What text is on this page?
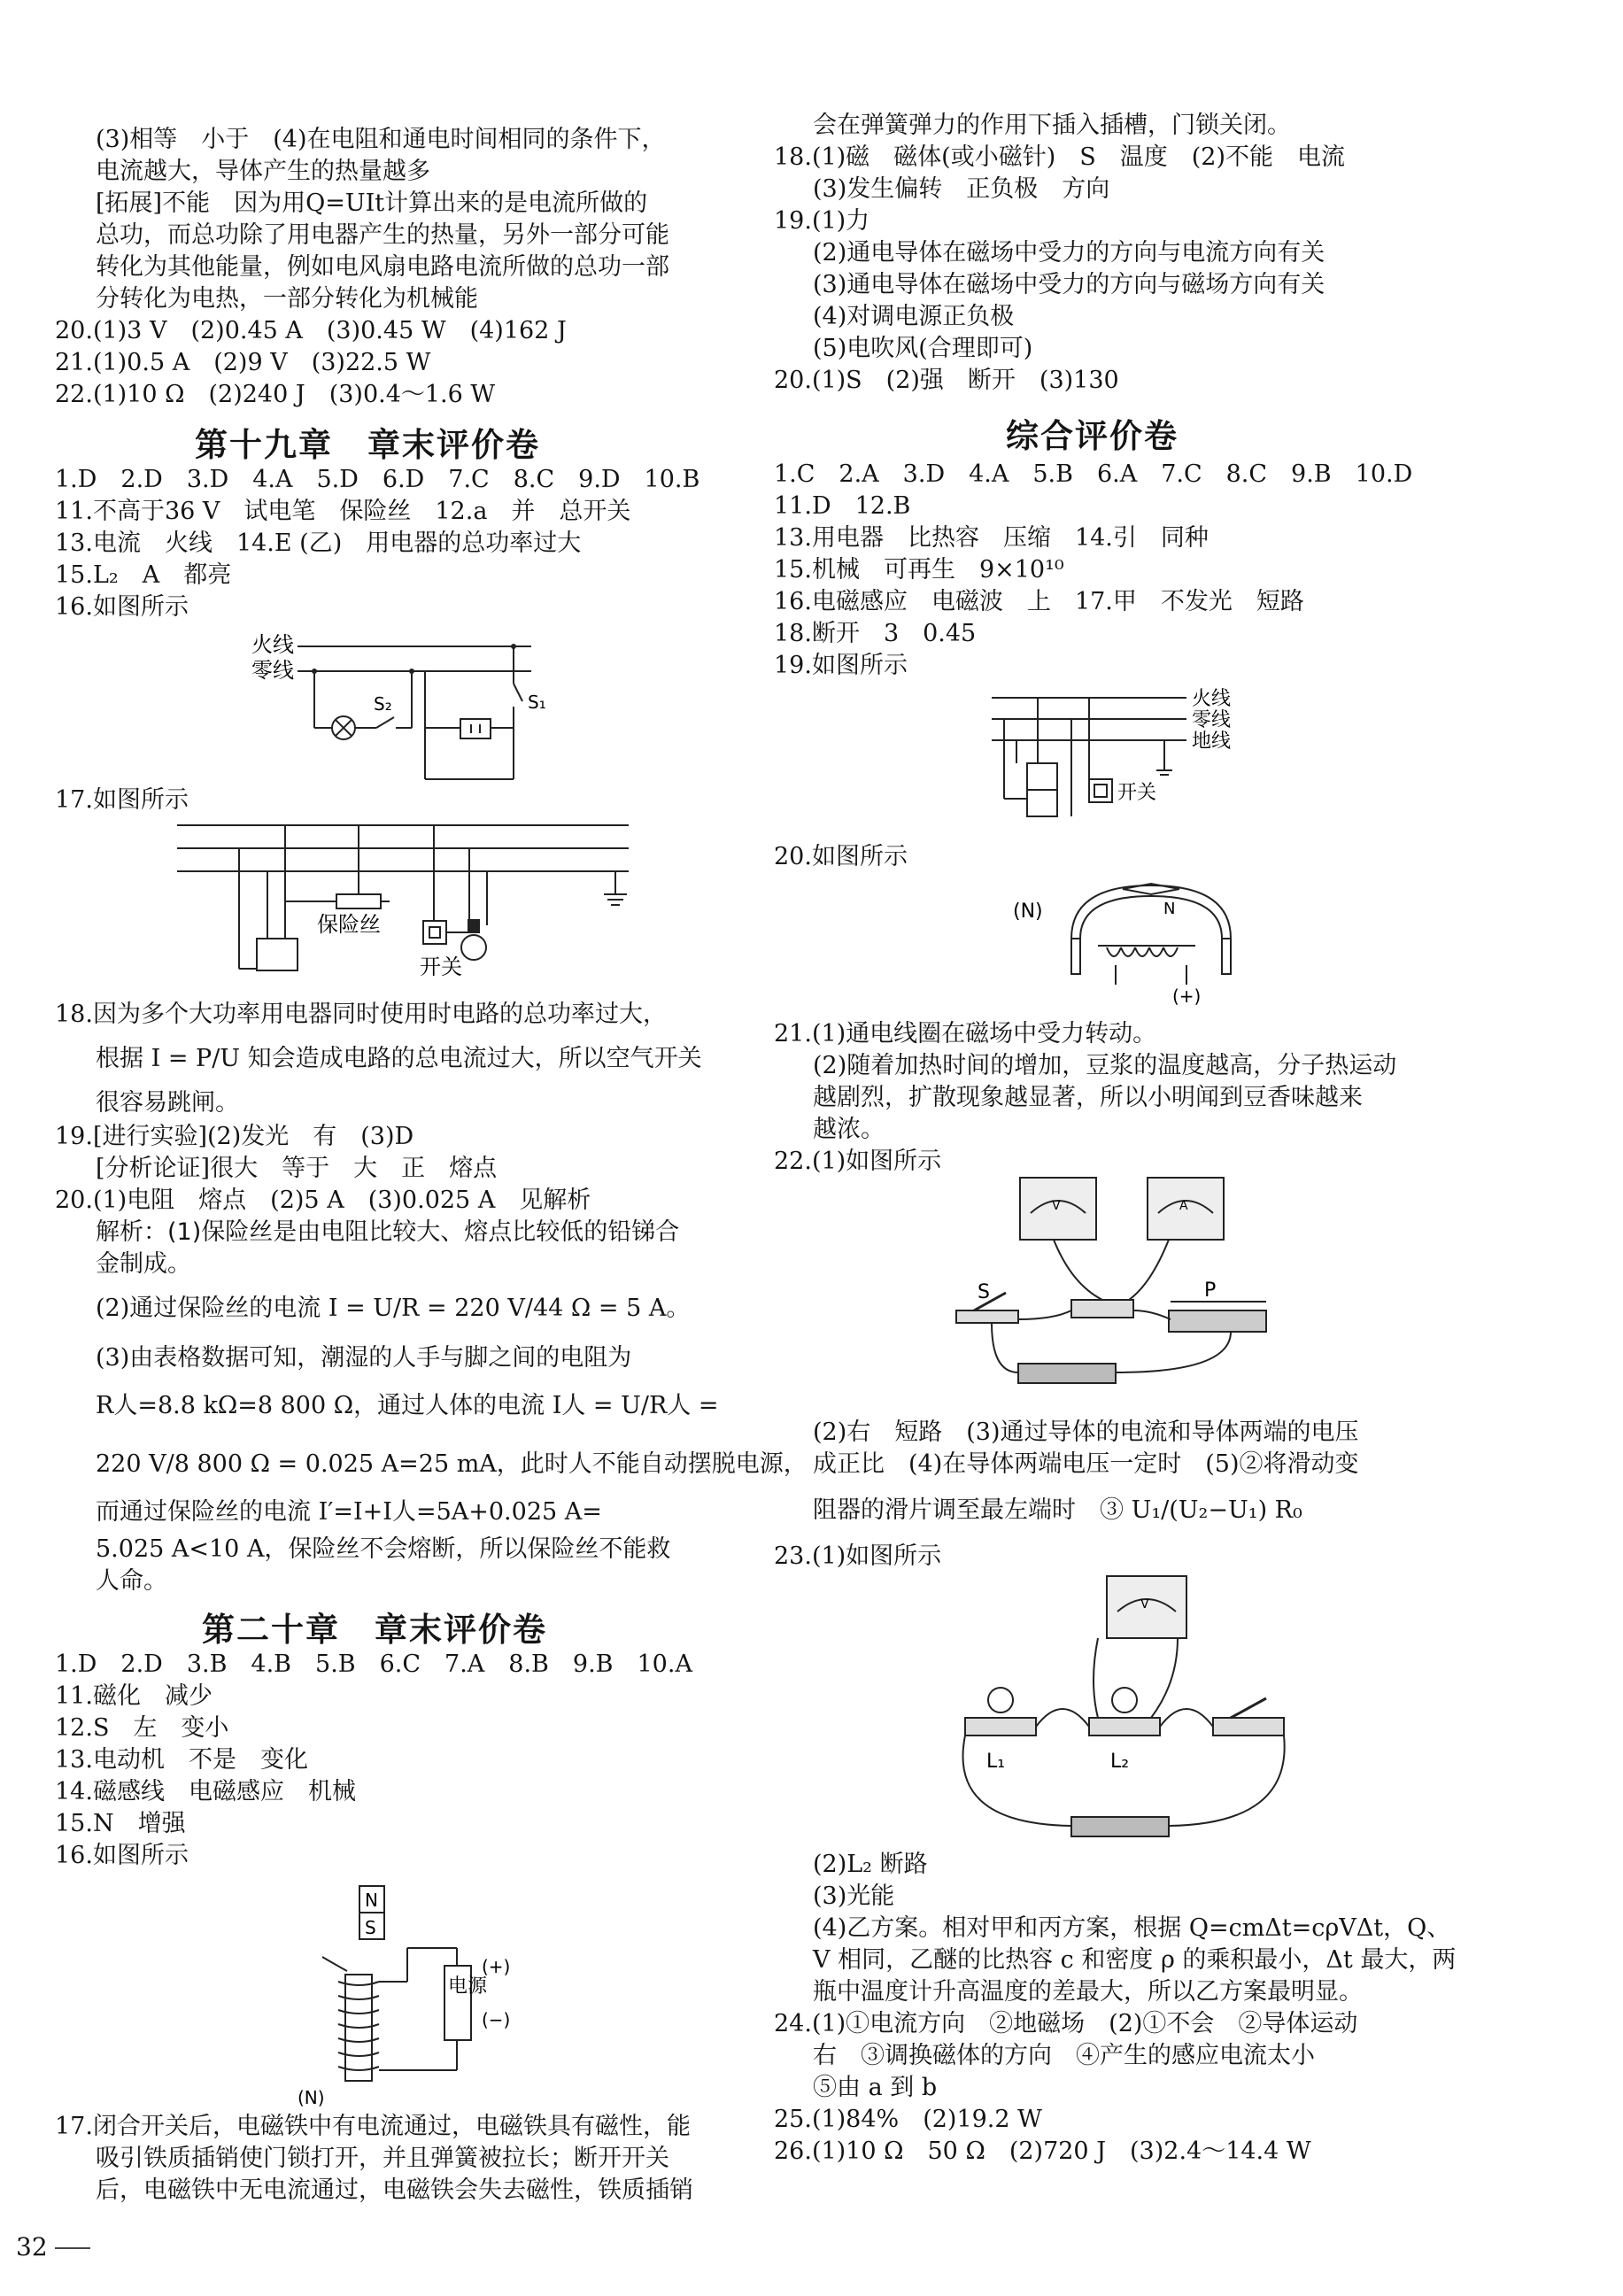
(3)相等　小于　(4)在电阻和通电时间相同的条件下，
电流越大，导体产生的热量越多
[拓展]不能　因为用Q=UIt计算出来的是电流所做的
总功，而总功除了用电器产生的热量，另外一部分可能
转化为其他能量，例如电风扇电路电流所做的总功一部
分转化为电热，一部分转化为机械能
20.(1)3 V　(2)0.45 A　(3)0.45 W　(4)162 J
21.(1)0.5 A　(2)9 V　(3)22.5 W
22.(1)10 Ω　(2)240 J　(3)0.4～1.6 W
第十九章　章末评价卷
1.D　2.D　3.D　4.A　5.D　6.D　7.C　8.C　9.D　10.B
11.不高于36 V　试电笔　保险丝　12.a　并　总开关
13.电流　火线　14.E (乙)　用电器的总功率过大
15.L₂　A　都亮
16.如图所示
火线
零线
S₂	S₁
17.如图所示
保险丝
开关
18.因为多个大功率用电器同时使用时电路的总功率过大，
根据 I = P/U 知会造成电路的总电流过大，所以空气开关
很容易跳闸。
19.[进行实验](2)发光　有　(3)D
[分析论证]很大　等于　大　正　熔点
20.(1)电阻　熔点　(2)5 A　(3)0.025 A　见解析
解析：(1)保险丝是由电阻比较大、熔点比较低的铅锑合
金制成。
(2)通过保险丝的电流 I = U/R = 220 V/44 Ω = 5 A。
(3)由表格数据可知，潮湿的人手与脚之间的电阻为
R人=8.8 kΩ=8 800 Ω，通过人体的电流 I人 = U/R人 =
220 V/8 800 Ω = 0.025 A=25 mA，此时人不能自动摆脱电源，
而通过保险丝的电流 I′=I+I人=5A+0.025 A=
5.025 A<10 A，保险丝不会熔断，所以保险丝不能救
人命。
第二十章　章末评价卷
1.D　2.D　3.B　4.B　5.B　6.C　7.A　8.B　9.B　10.A
11.磁化　减少
12.S　左　变小
13.电动机　不是　变化
14.磁感线　电磁感应　机械
15.N　增强
16.如图所示
N
S
电源
(+)
(−)
(N)
17.闭合开关后，电磁铁中有电流通过，电磁铁具有磁性，能
吸引铁质插销使门锁打开，并且弹簧被拉长；断开开关
后，电磁铁中无电流通过，电磁铁会失去磁性，铁质插销
32
会在弹簧弹力的作用下插入插槽，门锁关闭。
18.(1)磁　磁体(或小磁针)　S　温度　(2)不能　电流
(3)发生偏转　正负极　方向
19.(1)力
(2)通电导体在磁场中受力的方向与电流方向有关
(3)通电导体在磁场中受力的方向与磁场方向有关
(4)对调电源正负极
(5)电吹风(合理即可)
20.(1)S　(2)强　断开　(3)130
综合评价卷
1.C　2.A　3.D　4.A　5.B　6.A　7.C　8.C　9.B　10.D
11.D　12.B
13.用电器　比热容　压缩　14.引　同种
15.机械　可再生　9×10¹⁰
16.电磁感应　电磁波　上　17.甲　不发光　短路
18.断开　3　0.45
19.如图所示
火线
零线
地线
开关
20.如图所示
(N)	N
(+)
21.(1)通电线圈在磁场中受力转动。
(2)随着加热时间的增加，豆浆的温度越高，分子热运动
越剧烈，扩散现象越显著，所以小明闻到豆香味越来
越浓。
22.(1)如图所示
V	A
S	P
(2)右　短路　(3)通过导体的电流和导体两端的电压
成正比　(4)在导体两端电压一定时　(5)②将滑动变
阻器的滑片调至最左端时　③ U₁/(U₂−U₁) R₀
23.(1)如图所示
V
L₁	L₂
(2)L₂ 断路
(3)光能
(4)乙方案。相对甲和丙方案，根据 Q=cmΔt=cρVΔt，Q、
V 相同，乙醚的比热容 c 和密度 ρ 的乘积最小，Δt 最大，两
瓶中温度计升高温度的差最大，所以乙方案最明显。
24.(1)①电流方向　②地磁场　(2)①不会　②导体运动
右　③调换磁体的方向　④产生的感应电流太小
⑤由 a 到 b
25.(1)84%　(2)19.2 W
26.(1)10 Ω　50 Ω　(2)720 J　(3)2.4～14.4 W
